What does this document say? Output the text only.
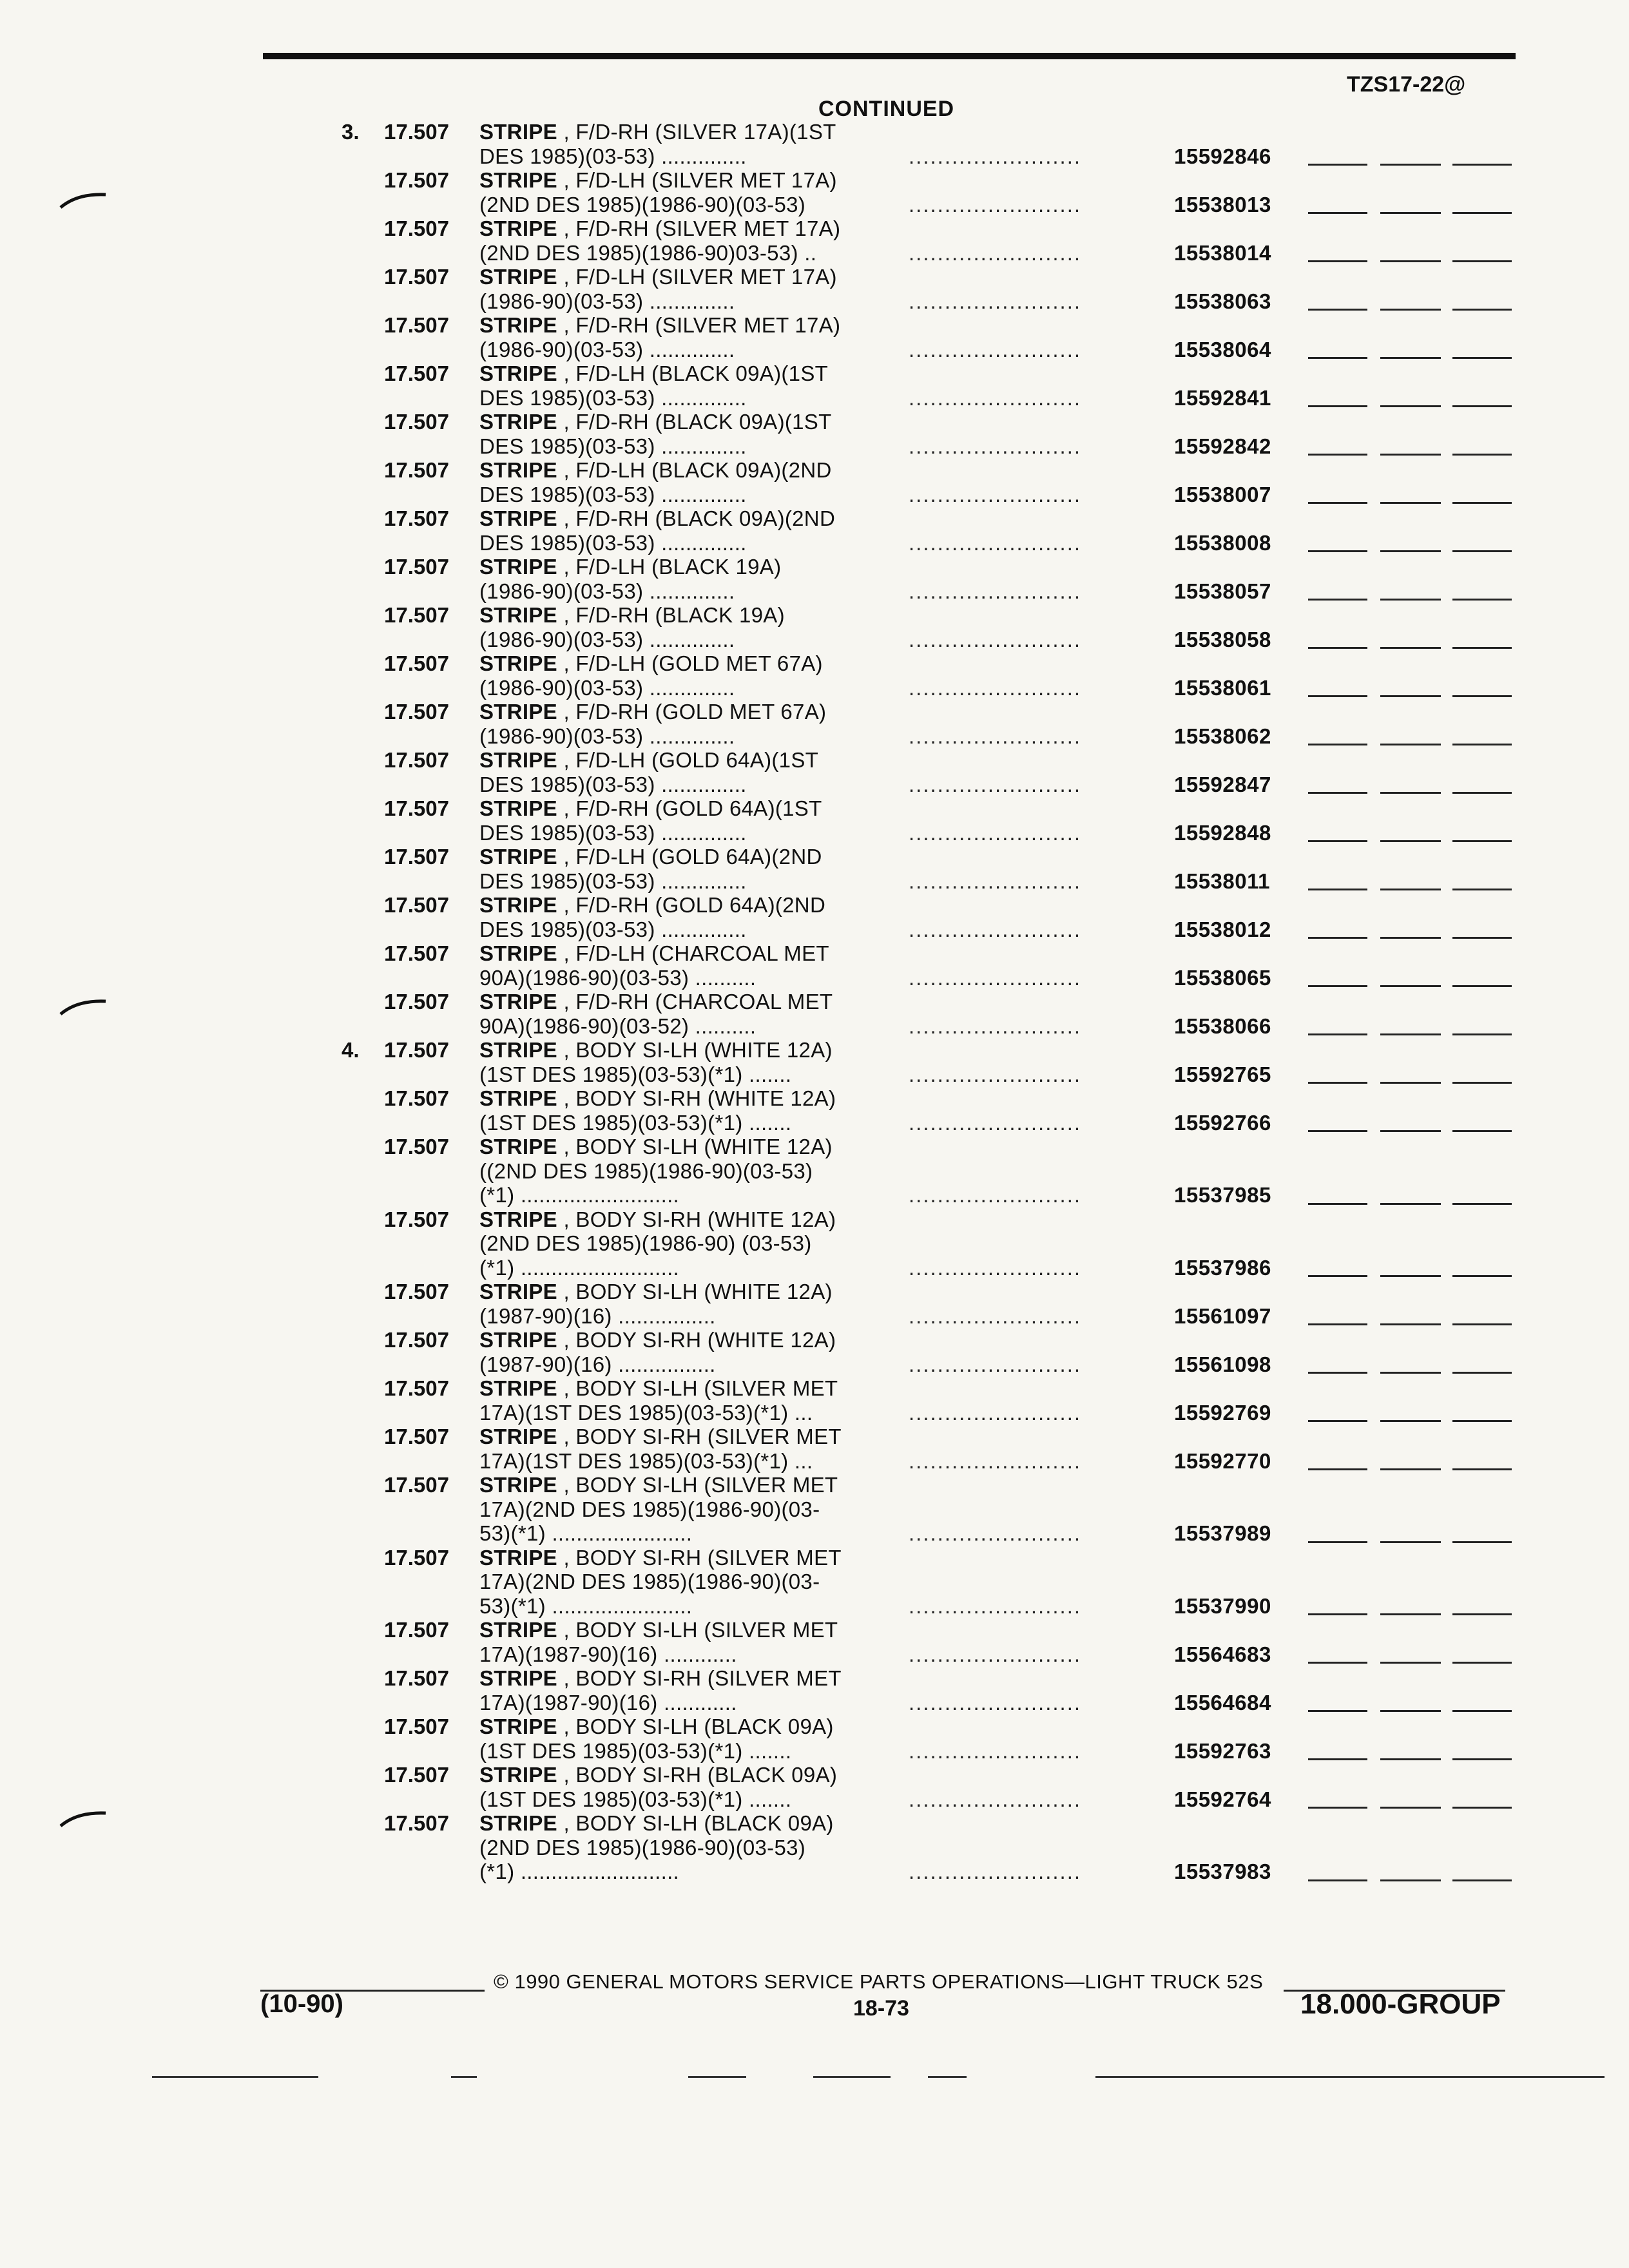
TZS17-22@
CONTINUED
3. 17.507 STRIPE , F/D-RH (SILVER 17A)(1ST
DES 1985)(03-53) ..............	........................	15592846
17.507 STRIPE , F/D-LH (SILVER MET 17A)
(2ND DES 1985)(1986-90)(03-53)	........................	15538013
17.507 STRIPE , F/D-RH (SILVER MET 17A)
(2ND DES 1985)(1986-90)03-53) ..	........................	15538014
17.507 STRIPE , F/D-LH (SILVER MET 17A)
(1986-90)(03-53) ..............	........................	15538063
17.507 STRIPE , F/D-RH (SILVER MET 17A)
(1986-90)(03-53) ..............	........................	15538064
17.507 STRIPE , F/D-LH (BLACK 09A)(1ST
DES 1985)(03-53) ..............	........................	15592841
17.507 STRIPE , F/D-RH (BLACK 09A)(1ST
DES 1985)(03-53) ..............	........................	15592842
17.507 STRIPE , F/D-LH (BLACK 09A)(2ND
DES 1985)(03-53) ..............	........................	15538007
17.507 STRIPE , F/D-RH (BLACK 09A)(2ND
DES 1985)(03-53) ..............	........................	15538008
17.507 STRIPE , F/D-LH (BLACK 19A)
(1986-90)(03-53) ..............	........................	15538057
17.507 STRIPE , F/D-RH (BLACK 19A)
(1986-90)(03-53) ..............	........................	15538058
17.507 STRIPE , F/D-LH (GOLD MET 67A)
(1986-90)(03-53) ..............	........................	15538061
17.507 STRIPE , F/D-RH (GOLD MET 67A)
(1986-90)(03-53) ..............	........................	15538062
17.507 STRIPE , F/D-LH (GOLD 64A)(1ST
DES 1985)(03-53) ..............	........................	15592847
17.507 STRIPE , F/D-RH (GOLD 64A)(1ST
DES 1985)(03-53) ..............	........................	15592848
17.507 STRIPE , F/D-LH (GOLD 64A)(2ND
DES 1985)(03-53) ..............	........................	15538011
17.507 STRIPE , F/D-RH (GOLD 64A)(2ND
DES 1985)(03-53) ..............	........................	15538012
17.507 STRIPE , F/D-LH (CHARCOAL MET
90A)(1986-90)(03-53) ..........	........................	15538065
17.507 STRIPE , F/D-RH (CHARCOAL MET
90A)(1986-90)(03-52) ..........	........................	15538066
4. 17.507 STRIPE , BODY SI-LH (WHITE 12A)
(1ST DES 1985)(03-53)(*1) .......	........................	15592765
17.507 STRIPE , BODY SI-RH (WHITE 12A)
(1ST DES 1985)(03-53)(*1) .......	........................	15592766
17.507 STRIPE , BODY SI-LH (WHITE 12A)
((2ND DES 1985)(1986-90)(03-53)
(*1) ..........................	........................	15537985
17.507 STRIPE , BODY SI-RH (WHITE 12A)
(2ND DES 1985)(1986-90) (03-53)
(*1) ..........................	........................	15537986
17.507 STRIPE , BODY SI-LH (WHITE 12A)
(1987-90)(16) ................	........................	15561097
17.507 STRIPE , BODY SI-RH (WHITE 12A)
(1987-90)(16) ................	........................	15561098
17.507 STRIPE , BODY SI-LH (SILVER MET
17A)(1ST DES 1985)(03-53)(*1) ...	........................	15592769
17.507 STRIPE , BODY SI-RH (SILVER MET
17A)(1ST DES 1985)(03-53)(*1) ...	........................	15592770
17.507 STRIPE , BODY SI-LH (SILVER MET
17A)(2ND DES 1985)(1986-90)(03-
53)(*1) .......................	........................	15537989
17.507 STRIPE , BODY SI-RH (SILVER MET
17A)(2ND DES 1985)(1986-90)(03-
53)(*1) .......................	........................	15537990
17.507 STRIPE , BODY SI-LH (SILVER MET
17A)(1987-90)(16) ............	........................	15564683
17.507 STRIPE , BODY SI-RH (SILVER MET
17A)(1987-90)(16) ............	........................	15564684
17.507 STRIPE , BODY SI-LH (BLACK 09A)
(1ST DES 1985)(03-53)(*1) .......	........................	15592763
17.507 STRIPE , BODY SI-RH (BLACK 09A)
(1ST DES 1985)(03-53)(*1) .......	........................	15592764
17.507 STRIPE , BODY SI-LH (BLACK 09A)
(2ND DES 1985)(1986-90)(03-53)
(*1) ..........................	........................	15537983
© 1990 GENERAL MOTORS SERVICE PARTS OPERATIONS—LIGHT TRUCK 52S
(10-90)	18-73	18.000-GROUP
